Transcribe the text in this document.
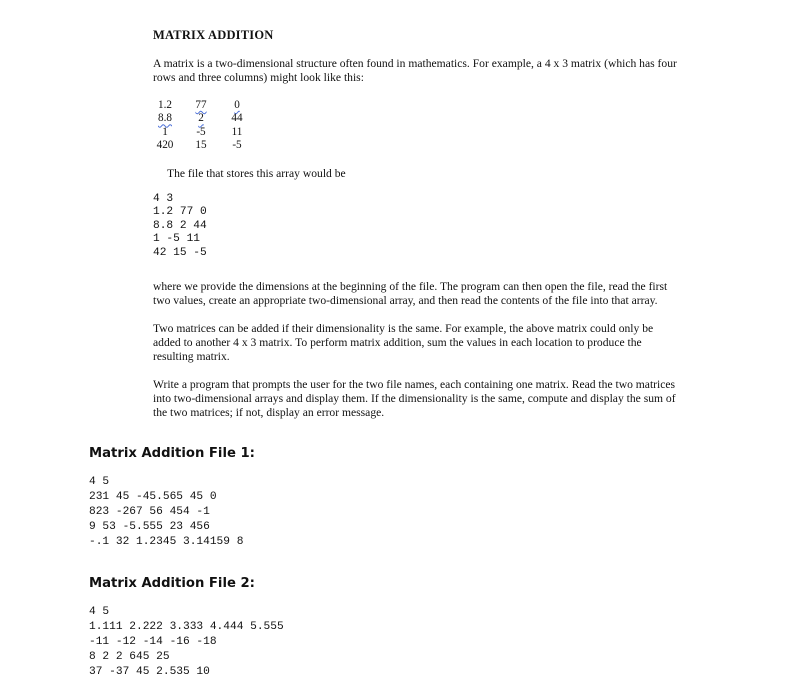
MATRIX ADDITION

A matrix is a two-dimensional structure often found in mathematics. For example, a 4 x 3 matrix (which has four rows and three columns) might look like this:

1.2	77	0
8.8	2	44
1	-5	11
420	15	-5

The file that stores this array would be

4 3
1.2 77 0
8.8 2 44
1 -5 11
42 15 -5

where we provide the dimensions at the beginning of the file. The program can then open the file, read the first two values, create an appropriate two-dimensional array, and then read the contents of the file into that array.

Two matrices can be added if their dimensionality is the same. For example, the above matrix could only be added to another 4 x 3 matrix. To perform matrix addition, sum the values in each location to produce the resulting matrix.

Write a program that prompts the user for the two file names, each containing one matrix. Read the two matrices into two-dimensional arrays and display them. If the dimensionality is the same, compute and display the sum of the two matrices; if not, display an error message.

Matrix Addition File 1:
4 5
231 45 -45.565 45 0
823 -267 56 454 -1
9 53 -5.555 23 456
-.1 32 1.2345 3.14159 8
Matrix Addition File 2:
4 5
1.111 2.222 3.333 4.444 5.555
-11 -12 -14 -16 -18
8 2 2 645 25
37 -37 45 2.535 10
